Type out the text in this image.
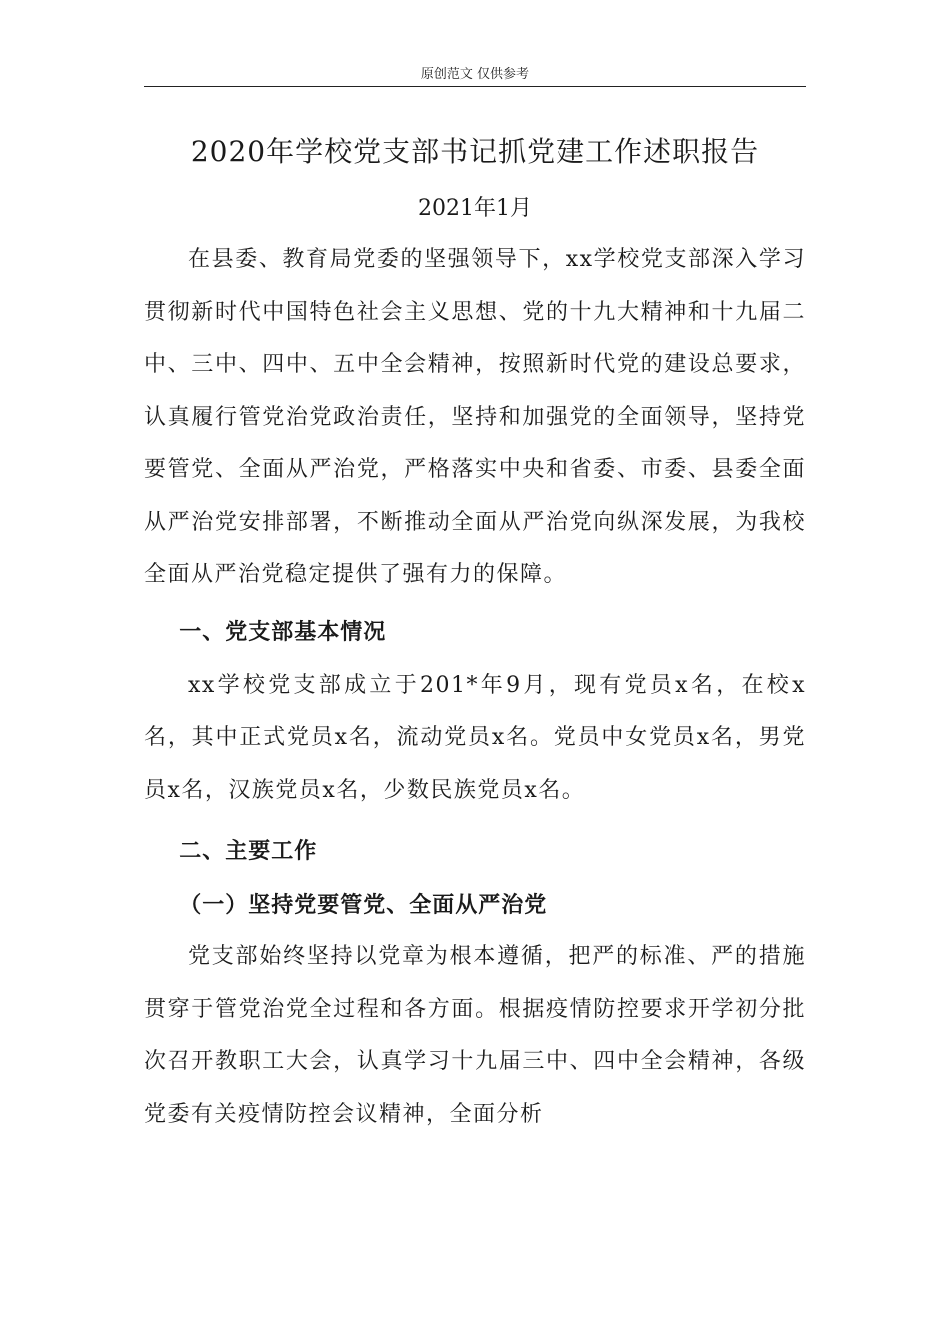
原创范文 仅供参考
2020年学校党支部书记抓党建工作述职报告

2021年1月

在县委、教育局党委的坚强领导下，xx学校党支部深入学习贯彻新时代中国特色社会主义思想、党的十九大精神和十九届二中、三中、四中、五中全会精神，按照新时代党的建设总要求，认真履行管党治党政治责任，坚持和加强党的全面领导，坚持党要管党、全面从严治党，严格落实中央和省委、市委、县委全面从严治党安排部署，不断推动全面从严治党向纵深发展，为我校全面从严治党稳定提供了强有力的保障。

一、党支部基本情况

xx学校党支部成立于201*年9月，现有党员x名，在校x名，其中正式党员x名，流动党员x名。党员中女党员x名，男党员x名，汉族党员x名，少数民族党员x名。

二、主要工作
（一）坚持党要管党、全面从严治党

党支部始终坚持以党章为根本遵循，把严的标准、严的措施贯穿于管党治党全过程和各方面。根据疫情防控要求开学初分批次召开教职工大会，认真学习十九届三中、四中全会精神，各级党委有关疫情防控会议精神，全面分析
